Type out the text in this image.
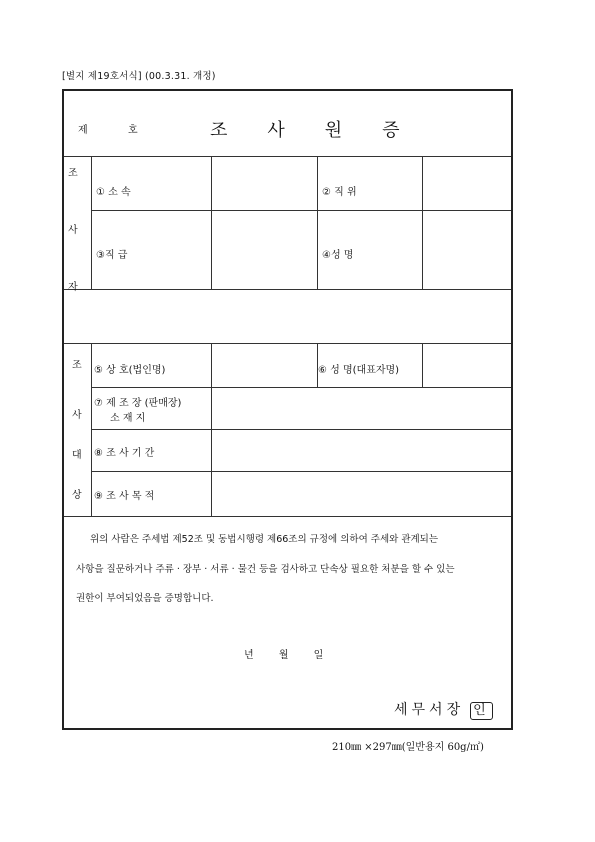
[별지 제19호서식] (00.3.31. 개정)
제	호	조사원증
조
사
자
① 소 속	② 직 위
③직 급	④성 명
조
사
대
상
⑤ 상 호(법인명)	⑥ 성 명(대표자명)
⑦ 제 조 장 (판매장)
소 재 지
⑧ 조 사 기 간
⑨ 조 사 목 적
위의 사람은 주세법 제52조 및 동법시행령 제66조의 규정에 의하여 주세와 관계되는
사항을 질문하거나 주류 · 장부 · 서류 · 물건 등을 검사하고 단속상 필요한 처분을 할 수 있는
권한이 부여되었음을 증명합니다.
년 월 일
세무서장 인
210㎜ ×297㎜(일반용지 60g/㎡)
